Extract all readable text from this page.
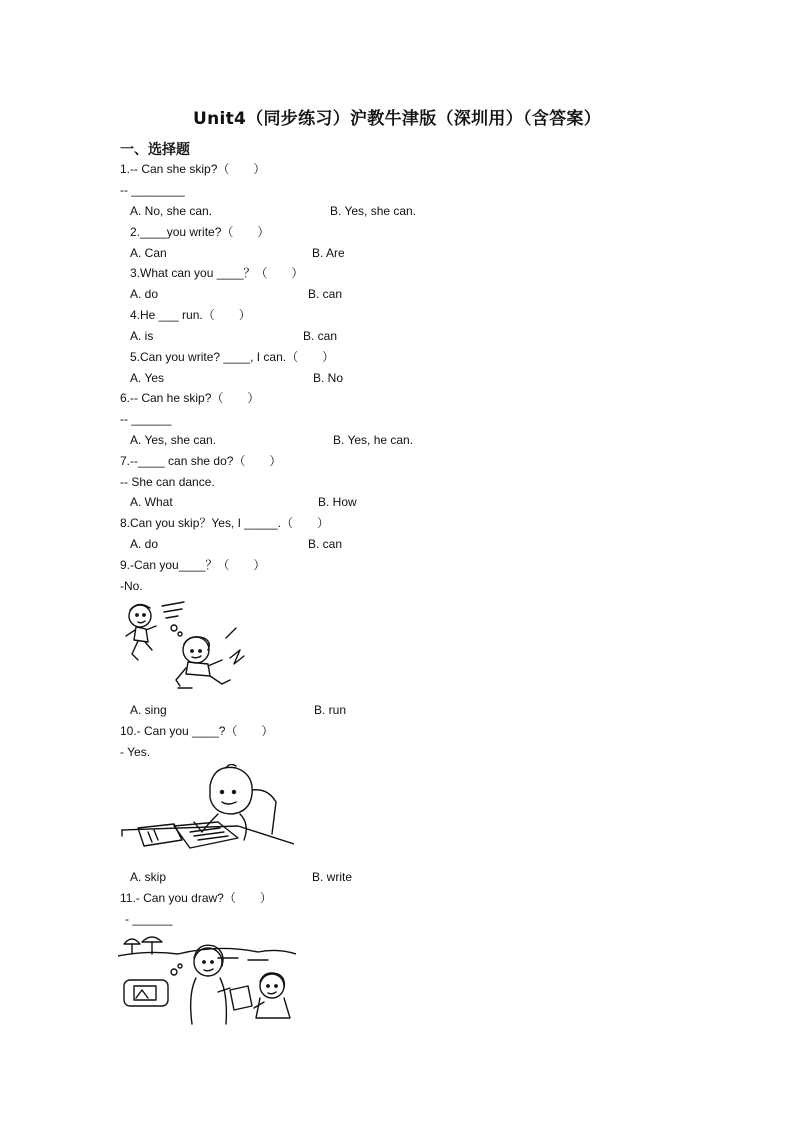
Unit4（同步练习）沪教牛津版（深圳用）（含答案）
一、选择题
1.-- Can she skip?（　　）
-- ________
A. No, she can.	B. Yes, she can.
2.____you write?（　　）
A. Can	B. Are
3.What can you ____？（　　）
A. do	B. can
4.He ___ run.（　　）
A. is	B. can
5.Can you write? ____, I can.（　　）
A. Yes	B. No
6.-- Can he skip?（　　）
-- ______
A. Yes, she can.	B. Yes, he can.
7.--____ can she do?（　　）
-- She can dance.
A. What	B. How
8.Can you skip？Yes, I _____.（　　）
A. do	B. can
9.-Can you____？（　　）
-No.
A. sing	B. run
10.- Can you ____?（　　）
- Yes.
A. skip	B. write
11.- Can you draw?（　　）
- ______
